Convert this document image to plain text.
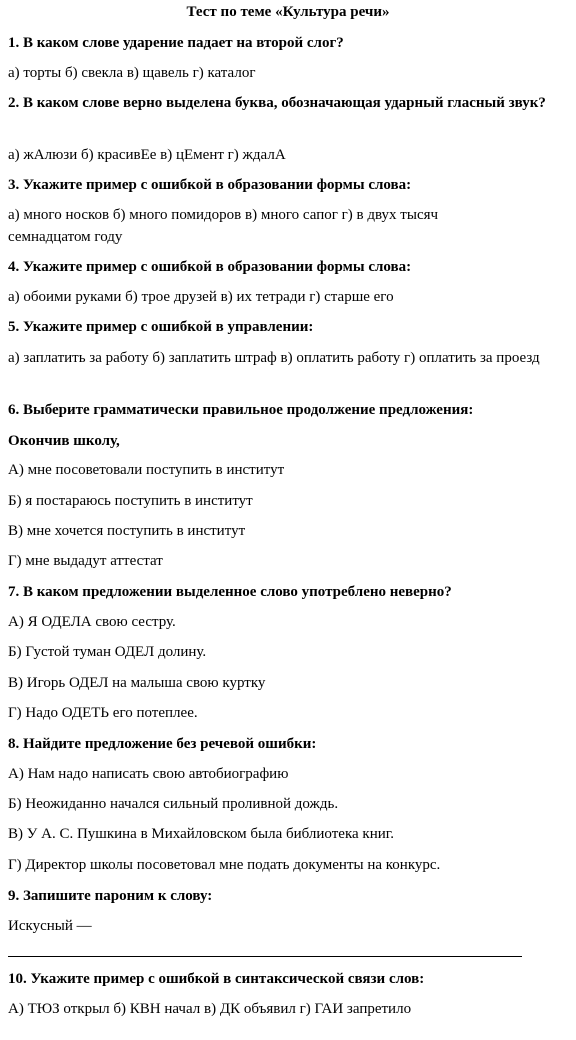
Тест по теме «Культура речи»
1. В каком слове ударение падает на второй слог?
а) торты б) свекла в) щавель г) каталог
2. В каком слове верно выделена буква, обозначающая ударный гласный звук?
а) жАлюзи б) красивЕе в) цЕмент г) ждалА
3. Укажите пример с ошибкой в образовании формы слова:
а) много носков б) много помидоров в) много сапог г) в двух тысяч семнадцатом году
4. Укажите пример с ошибкой в образовании формы слова:
а) обоими руками б) трое друзей в) их тетради г) старше его
5. Укажите пример с ошибкой в управлении:
а) заплатить за работу б) заплатить штраф в) оплатить работу г) оплатить за проезд
6. Выберите грамматически правильное продолжение предложения:
Окончив школу,
А) мне посоветовали поступить в институт
Б) я постараюсь поступить в институт
В) мне хочется поступить в институт
Г) мне выдадут аттестат
7. В каком предложении выделенное слово употреблено неверно?
А) Я ОДЕЛА свою сестру.
Б) Густой туман ОДЕЛ долину.
В) Игорь ОДЕЛ на малыша свою куртку
Г) Надо ОДЕТЬ его потеплее.
8. Найдите предложение без речевой ошибки:
А) Нам надо написать свою автобиографию
Б) Неожиданно начался сильный проливной дождь.
В) У А. С. Пушкина в Михайловском была библиотека книг.
Г) Директор школы посоветовал мне подать документы на конкурс.
9. Запишите пароним к слову:
Искусный —
10. Укажите пример с ошибкой в синтаксической связи слов:
А) ТЮЗ открыл б) КВН начал в) ДК объявил г) ГАИ запретило
